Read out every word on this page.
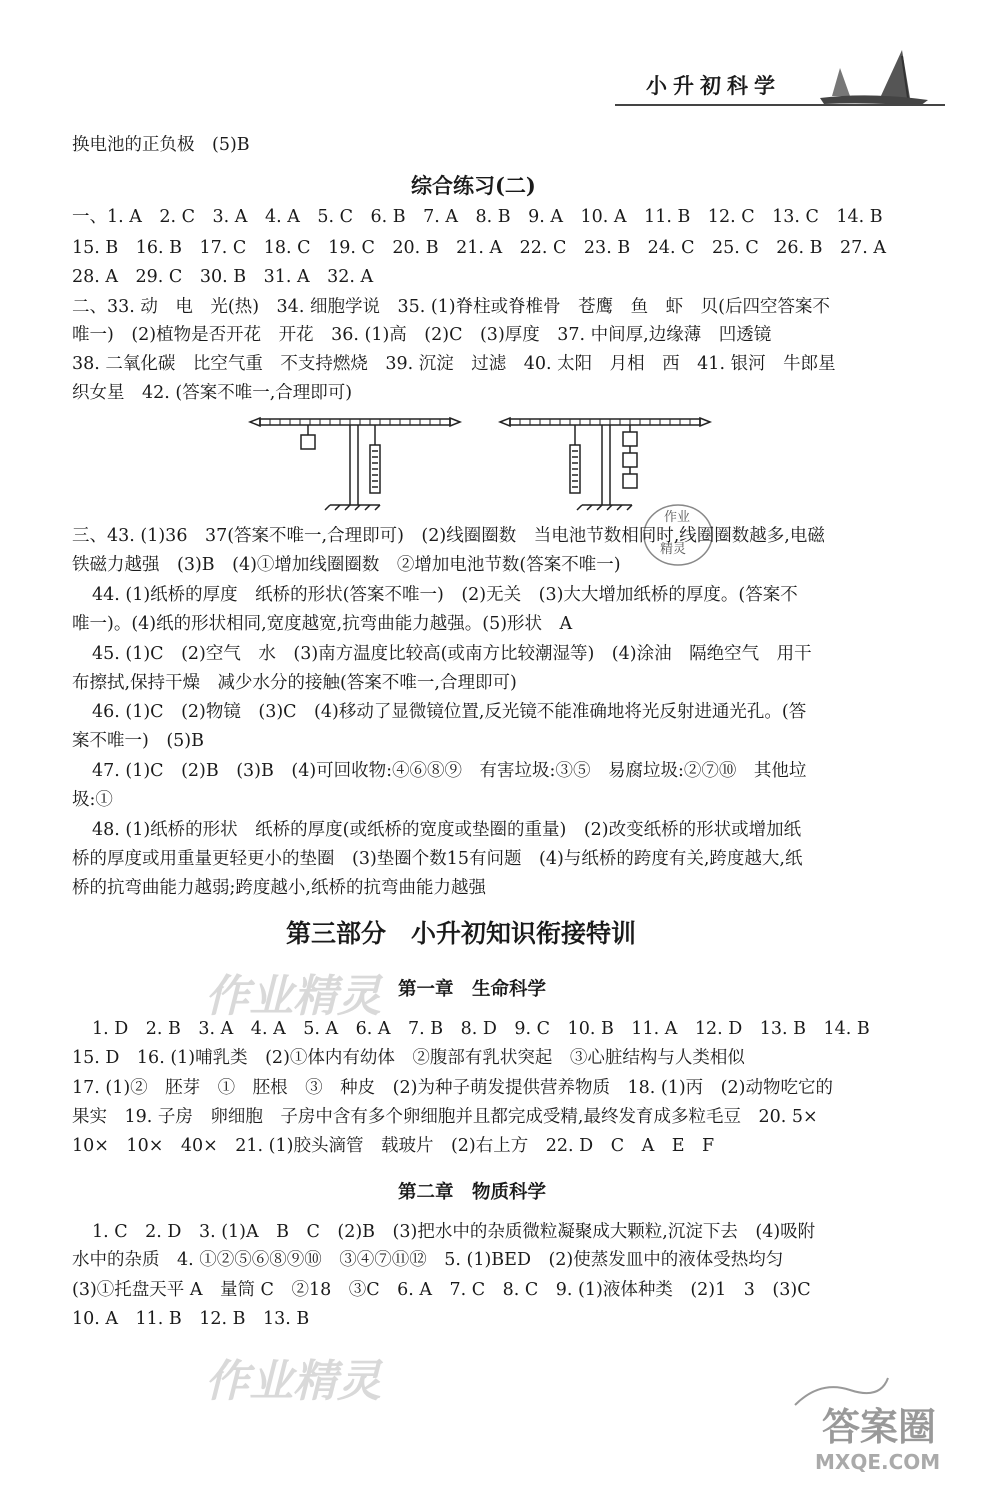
小升初科学
换电池的正负极　(5)B
综合练习(二)
一、1. A　2. C　3. A　4. A　5. C　6. B　7. A　8. B　9. A　10. A　11. B　12. C　13. C　14. B
15. B　16. B　17. C　18. C　19. C　20. B　21. A　22. C　23. B　24. C　25. C　26. B　27. A
28. A　29. C　30. B　31. A　32. A
二、33. 动　电　光(热)　34. 细胞学说　35. (1)脊柱或脊椎骨　苍鹰　鱼　虾　贝(后四空答案不
唯一)　(2)植物是否开花　开花　36. (1)高　(2)C　(3)厚度　37. 中间厚,边缘薄　凹透镜
38. 二氧化碳　比空气重　不支持燃烧　39. 沉淀　过滤　40. 太阳　月相　西　41. 银河　牛郎星
织女星　42. (答案不唯一,合理即可)
作业
精灵
三、43. (1)36　37(答案不唯一,合理即可)　(2)线圈圈数　当电池节数相同时,线圈圈数越多,电磁
铁磁力越强　(3)B　(4)①增加线圈圈数　②增加电池节数(答案不唯一)
44. (1)纸桥的厚度　纸桥的形状(答案不唯一)　(2)无关　(3)大大增加纸桥的厚度。(答案不
唯一)。(4)纸的形状相同,宽度越宽,抗弯曲能力越强。(5)形状　A
45. (1)C　(2)空气　水　(3)南方温度比较高(或南方比较潮湿等)　(4)涂油　隔绝空气　用干
布擦拭,保持干燥　减少水分的接触(答案不唯一,合理即可)
46. (1)C　(2)物镜　(3)C　(4)移动了显微镜位置,反光镜不能准确地将光反射进通光孔。(答
案不唯一)　(5)B
47. (1)C　(2)B　(3)B　(4)可回收物:④⑥⑧⑨　有害垃圾:③⑤　易腐垃圾:②⑦⑩　其他垃
圾:①
48. (1)纸桥的形状　纸桥的厚度(或纸桥的宽度或垫圈的重量)　(2)改变纸桥的形状或增加纸
桥的厚度或用重量更轻更小的垫圈　(3)垫圈个数15有问题　(4)与纸桥的跨度有关,跨度越大,纸
桥的抗弯曲能力越弱;跨度越小,纸桥的抗弯曲能力越强
第三部分　小升初知识衔接特训
作业精灵 第一章　生命科学
1. D　2. B　3. A　4. A　5. A　6. A　7. B　8. D　9. C　10. B　11. A　12. D　13. B　14. B
15. D　16. (1)哺乳类　(2)①体内有幼体　②腹部有乳状突起　③心脏结构与人类相似
17. (1)②　胚芽　①　胚根　③　种皮　(2)为种子萌发提供营养物质　18. (1)丙　(2)动物吃它的
果实　19. 子房　卵细胞　子房中含有多个卵细胞并且都完成受精,最终发育成多粒毛豆　20. 5×
10×　10×　40×　21. (1)胶头滴管　载玻片　(2)右上方　22. D　C　A　E　F
第二章　物质科学
1. C　2. D　3. (1)A　B　C　(2)B　(3)把水中的杂质微粒凝聚成大颗粒,沉淀下去　(4)吸附
水中的杂质　4. ①②⑤⑥⑧⑨⑩　③④⑦⑪⑫　5. (1)BED　(2)使蒸发皿中的液体受热均匀
(3)①托盘天平 A　量筒 C　②18　③C　6. A　7. C　8. C　9. (1)液体种类　(2)1　3　(3)C
10. A　11. B　12. B　13. B
作业精灵
答案圈
MXQE.COM
